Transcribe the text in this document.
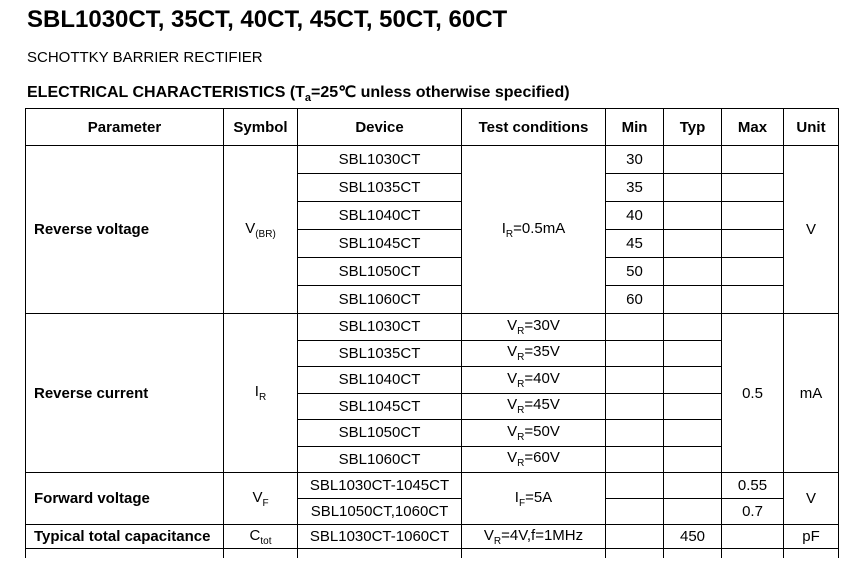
SBL1030CT, 35CT, 40CT, 45CT, 50CT, 60CT
SCHOTTKY BARRIER RECTIFIER
ELECTRICAL CHARACTERISTICS ($T_a=25℃$ unless otherwise specified)
Parameter	Symbol	Device	Test conditions	Min	Typ	Max	Unit
Reverse voltage	$V_{(BR)}$	SBL1030CT	$I_R=0.5mA$	30			V
		SBL1035CT		35			
		SBL1040CT		40			
		SBL1045CT		45			
		SBL1050CT		50			
		SBL1060CT		60			
Reverse current	$I_R$	SBL1030CT	$V_R=30V$			0.5	mA
		SBL1035CT	$V_R=35V$				
		SBL1040CT	$V_R=40V$				
		SBL1045CT	$V_R=45V$				
		SBL1050CT	$V_R=50V$				
		SBL1060CT	$V_R=60V$				
Forward voltage	$V_F$	SBL1030CT-1045CT	$I_F=5A$			0.55	V
		SBL1050CT,1060CT				0.7	
Typical total capacitance	$C_{tot}$	SBL1030CT-1060CT	$V_R=4V,f=1MHz$		450		pF
